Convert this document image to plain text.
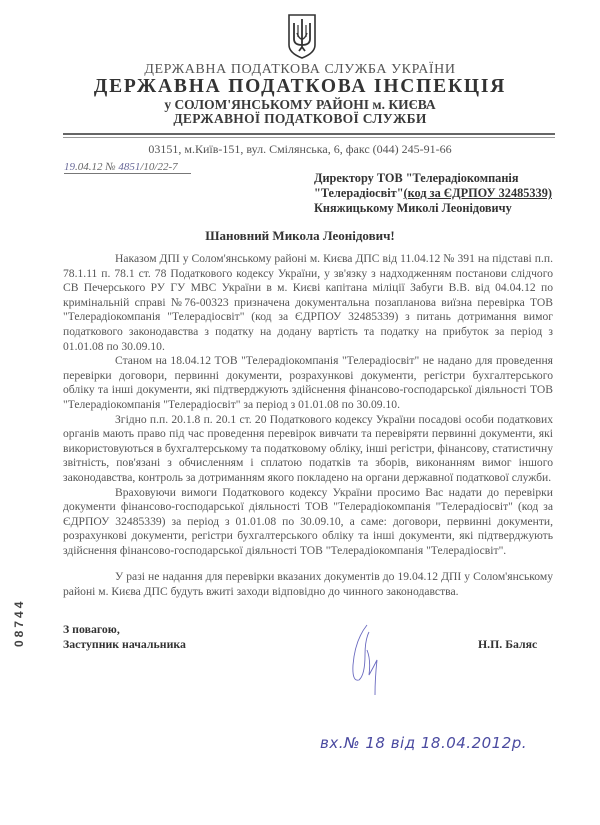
ДЕРЖАВНА ПОДАТКОВА СЛУЖБА УКРАЇНИ
ДЕРЖАВНА ПОДАТКОВА ІНСПЕКЦІЯ
у СОЛОМ'ЯНСЬКОМУ РАЙОНІ м. КИЄВА
ДЕРЖАВНОЇ ПОДАТКОВОЇ СЛУЖБИ
03151, м.Київ-151, вул. Смілянська, 6, факс (044) 245-91-66
19.04.12 № 4851/10/22-7
Директору ТОВ "Телерадіокомпанія
"Телерадіосвіт"(код за ЄДРПОУ 32485339)
Княжицькому Миколі Леонідовичу
Шановний Микола Леонідович!

Наказом ДПІ у Солом'янському районі м. Києва ДПС від 11.04.12 № 391 на підставі п.п. 78.1.11 п. 78.1 ст. 78 Податкового кодексу України, у зв'язку з надходженням постанови слідчого СВ Печерського РУ ГУ МВС України в м. Києві капітана міліції Забуги В.В. від 04.04.12 по кримінальній справі №76-00323 призначена документальна позапланова виїзна перевірка ТОВ "Телерадіокомпанія "Телерадіосвіт" (код за ЄДРПОУ 32485339) з питань дотримання вимог податкового законодавства з податку на додану вартість та податку на прибуток за період з 01.01.08 по 30.09.10.

Станом на 18.04.12 ТОВ "Телерадіокомпанія "Телерадіосвіт" не надано для проведення перевірки договори, первинні документи, розрахункові документи, регістри бухгалтерського обліку та інші документи, які підтверджують здійснення фінансово-господарської діяльності ТОВ "Телерадіокомпанія "Телерадіосвіт" за період з 01.01.08 по 30.09.10.

Згідно п.п. 20.1.8 п. 20.1 ст. 20 Податкового кодексу України посадові особи податкових органів мають право під час проведення перевірок вивчати та перевіряти первинні документи, які використовуються в бухгалтерському та податковому обліку, інші регістри, фінансову, статистичну звітність, пов'язані з обчисленням і сплатою податків та зборів, виконанням вимог іншого законодавства, контроль за дотриманням якого покладено на органи державної податкової служби.

Враховуючи вимоги Податкового кодексу України просимо Вас надати до перевірки документи фінансово-господарської діяльності ТОВ "Телерадіокомпанія "Телерадіосвіт" (код за ЄДРПОУ 32485339) за період з 01.01.08 по 30.09.10, а саме: договори, первинні документи, розрахункові документи, регістри бухгалтерського обліку та інші документи, які підтверджують здійснення фінансово-господарської діяльності ТОВ "Телерадіокомпанія "Телерадіосвіт".

У разі не надання для перевірки вказаних документів до 19.04.12 ДПІ у Солом'янському районі м. Києва ДПС будуть вжиті заходи відповідно до чинного законодавства.

08744	З повагою,
Заступник начальника	Н.П. Баляс
вх.№ 18 від 18.04.2012р.
